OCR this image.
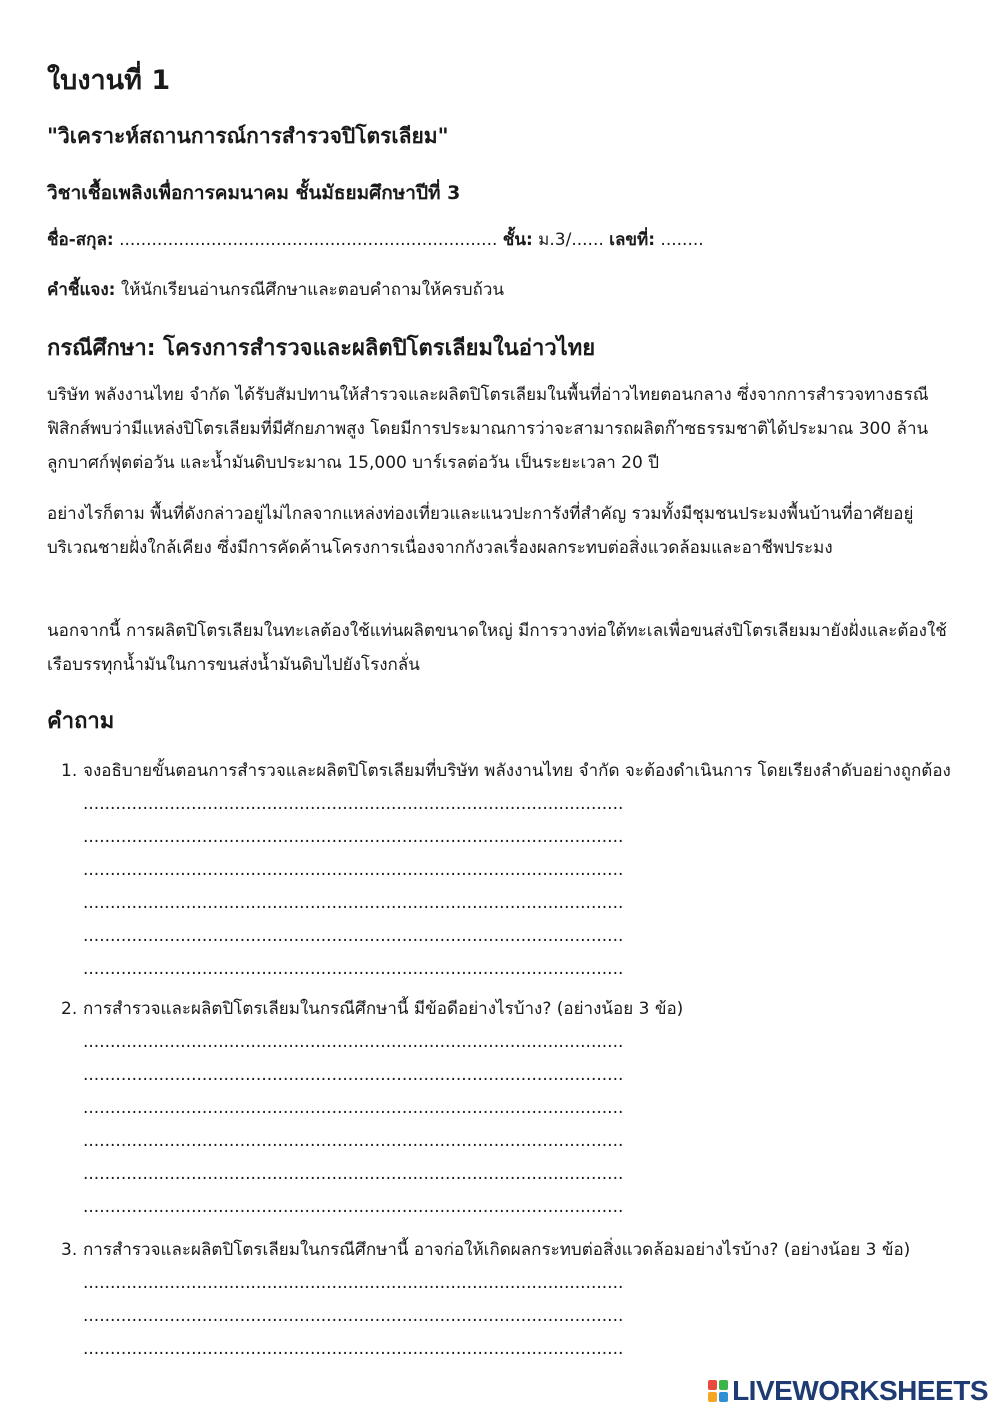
ใบงานที่ 1
"วิเคราะห์สถานการณ์การสำรวจปิโตรเลียม"
วิชาเชื้อเพลิงเพื่อการคมนาคม ชั้นมัธยมศึกษาปีที่ 3
ชื่อ-สกุล: ...................................................................... ชั้น: ม.3/...... เลขที่: ........
คำชี้แจง: ให้นักเรียนอ่านกรณีศึกษาและตอบคำถามให้ครบถ้วน
กรณีศึกษา: โครงการสำรวจและผลิตปิโตรเลียมในอ่าวไทย

บริษัท พลังงานไทย จำกัด ได้รับสัมปทานให้สำรวจและผลิตปิโตรเลียมในพื้นที่อ่าวไทยตอนกลาง ซึ่งจากการสำรวจทางธรณีฟิสิกส์พบว่ามีแหล่งปิโตรเลียมที่มีศักยภาพสูง โดยมีการประมาณการว่าจะสามารถผลิตก๊าซธรรมชาติได้ประมาณ 300 ล้านลูกบาศก์ฟุตต่อวัน และน้ำมันดิบประมาณ 15,000 บาร์เรลต่อวัน เป็นระยะเวลา 20 ปี

อย่างไรก็ตาม พื้นที่ดังกล่าวอยู่ไม่ไกลจากแหล่งท่องเที่ยวและแนวปะการังที่สำคัญ รวมทั้งมีชุมชนประมงพื้นบ้านที่อาศัยอยู่บริเวณชายฝั่งใกล้เคียง ซึ่งมีการคัดค้านโครงการเนื่องจากกังวลเรื่องผลกระทบต่อสิ่งแวดล้อมและอาชีพประมง

นอกจากนี้ การผลิตปิโตรเลียมในทะเลต้องใช้แท่นผลิตขนาดใหญ่ มีการวางท่อใต้ทะเลเพื่อขนส่งปิโตรเลียมมายังฝั่งและต้องใช้เรือบรรทุกน้ำมันในการขนส่งน้ำมันดิบไปยังโรงกลั่น

คำถาม
1. จงอธิบายขั้นตอนการสำรวจและผลิตปิโตรเลียมที่บริษัท พลังงานไทย จำกัด จะต้องดำเนินการ โดยเรียงลำดับอย่างถูกต้อง ....................................................................................................
....................................................................................................
....................................................................................................
....................................................................................................
....................................................................................................
....................................................................................................
2. การสำรวจและผลิตปิโตรเลียมในกรณีศึกษานี้ มีข้อดีอย่างไรบ้าง? (อย่างน้อย 3 ข้อ)
....................................................................................................
....................................................................................................
....................................................................................................
....................................................................................................
....................................................................................................
....................................................................................................
3. การสำรวจและผลิตปิโตรเลียมในกรณีศึกษานี้ อาจก่อให้เกิดผลกระทบต่อสิ่งแวดล้อมอย่างไรบ้าง? (อย่างน้อย 3 ข้อ) ....................................................................................................
....................................................................................................
....................................................................................................
LIVEWORKSHEETS
